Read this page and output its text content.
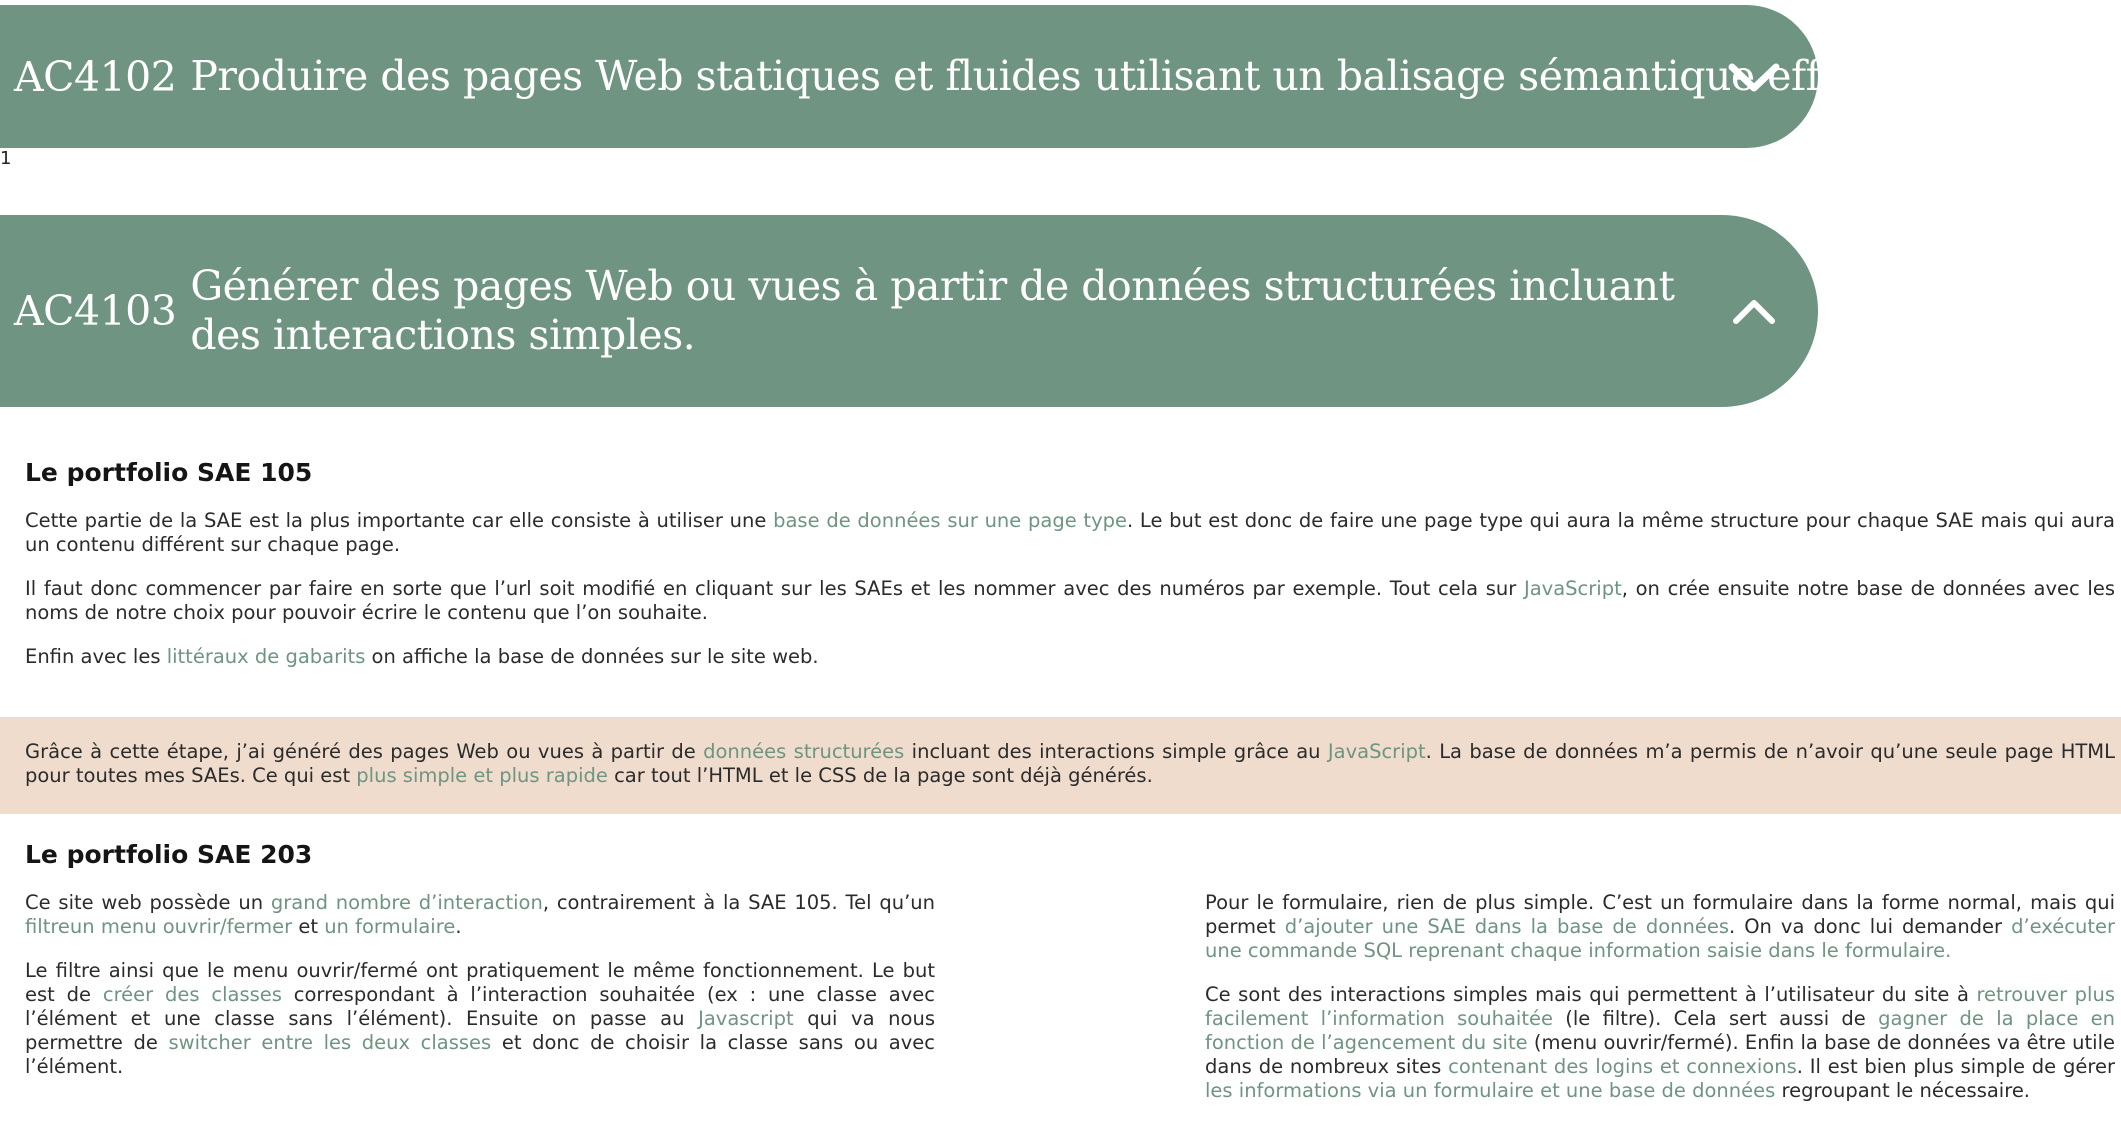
AC4102 Produire des pages Web statiques et fluides utilisant un balisage sémantique efficace.
1
AC4103
Générer des pages Web ou vues à partir de données structurées incluant des interactions simples.
Le portfolio SAE 105

Cette partie de la SAE est la plus importante car elle consiste à utiliser une base de données sur une page type. Le but est donc de faire une page type qui aura la même structure pour chaque SAE mais qui aura un contenu différent sur chaque page.

Il faut donc commencer par faire en sorte que l’url soit modifié en cliquant sur les SAEs et les nommer avec des numéros par exemple. Tout cela sur JavaScript, on crée ensuite notre base de données avec les noms de notre choix pour pouvoir écrire le contenu que l’on souhaite.

Enfin avec les littéraux de gabarits on affiche la base de données sur le site web.

Grâce à cette étape, j’ai généré des pages Web ou vues à partir de données structurées incluant des interactions simple grâce au JavaScript. La base de données m’a permis de n’avoir qu’une seule page HTML pour toutes mes SAEs. Ce qui est plus simple et plus rapide car tout l’HTML et le CSS de la page sont déjà générés.

Le portfolio SAE 203

Ce site web possède un grand nombre d’interaction, contrairement à la SAE 105. Tel qu’un filtreun menu ouvrir/fermer et un formulaire.

Le filtre ainsi que le menu ouvrir/fermé ont pratiquement le même fonctionnement. Le but est de créer des classes correspondant à l’interaction souhaitée (ex : une classe avec l’élément et une classe sans l’élément). Ensuite on passe au Javascript qui va nous permettre de switcher entre les deux classes et donc de choisir la classe sans ou avec l’élément.

Pour le formulaire, rien de plus simple. C’est un formulaire dans la forme normal, mais qui permet d’ajouter une SAE dans la base de données. On va donc lui demander d’exécuter une commande SQL reprenant chaque information saisie dans le formulaire.

Ce sont des interactions simples mais qui permettent à l’utilisateur du site à retrouver plus facilement l’information souhaitée (le filtre). Cela sert aussi de gagner de la place en fonction de l’agencement du site (menu ouvrir/fermé). Enfin la base de données va être utile dans de nombreux sites contenant des logins et connexions. Il est bien plus simple de gérer les informations via un formulaire et une base de données regroupant le nécessaire.
